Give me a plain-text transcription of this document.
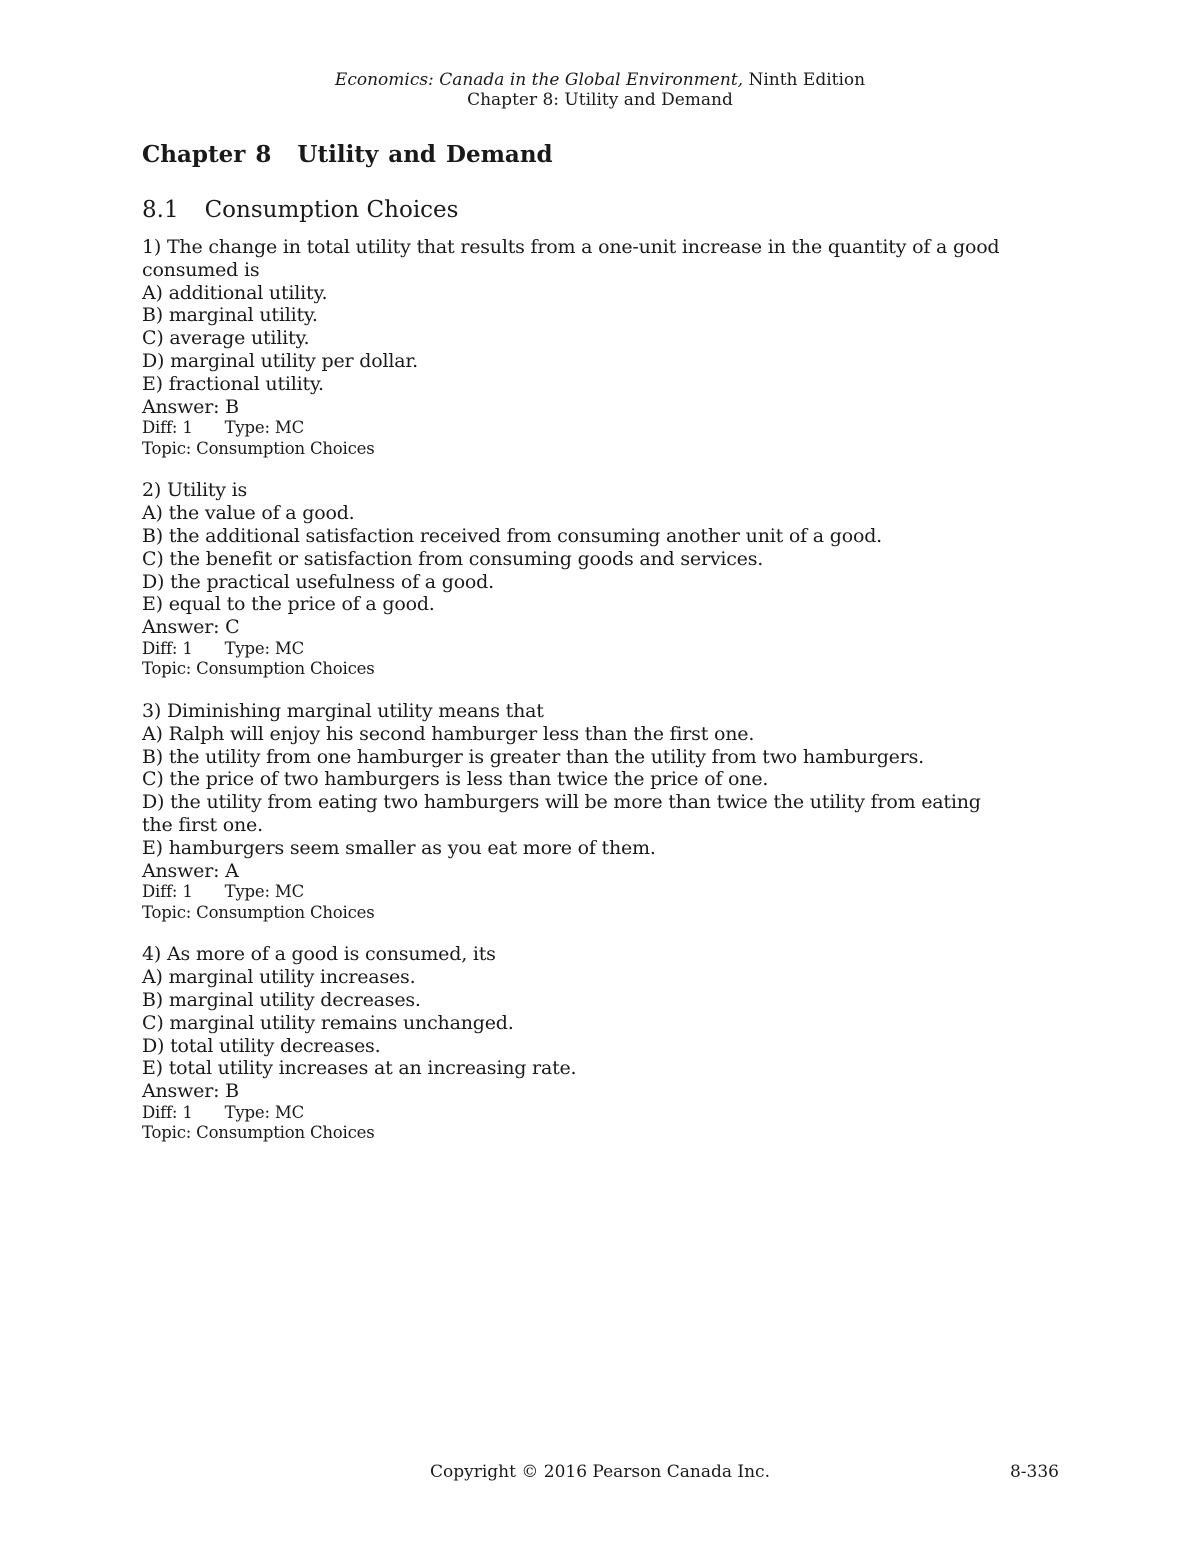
Economics: Canada in the Global Environment, Ninth Edition
Chapter 8: Utility and Demand
Chapter 8 Utility and Demand
8.1 Consumption Choices
1) The change in total utility that results from a one-unit increase in the quantity of a good
consumed is
A) additional utility.
B) marginal utility.
C) average utility.
D) marginal utility per dollar.
E) fractional utility.
Answer: B
Diff: 1 Type: MC
Topic: Consumption Choices
2) Utility is
A) the value of a good.
B) the additional satisfaction received from consuming another unit of a good.
C) the benefit or satisfaction from consuming goods and services.
D) the practical usefulness of a good.
E) equal to the price of a good.
Answer: C
Diff: 1 Type: MC
Topic: Consumption Choices
3) Diminishing marginal utility means that
A) Ralph will enjoy his second hamburger less than the first one.
B) the utility from one hamburger is greater than the utility from two hamburgers.
C) the price of two hamburgers is less than twice the price of one.
D) the utility from eating two hamburgers will be more than twice the utility from eating
the first one.
E) hamburgers seem smaller as you eat more of them.
Answer: A
Diff: 1 Type: MC
Topic: Consumption Choices
4) As more of a good is consumed, its
A) marginal utility increases.
B) marginal utility decreases.
C) marginal utility remains unchanged.
D) total utility decreases.
E) total utility increases at an increasing rate.
Answer: B
Diff: 1 Type: MC
Topic: Consumption Choices
Copyright © 2016 Pearson Canada Inc.	8-336
